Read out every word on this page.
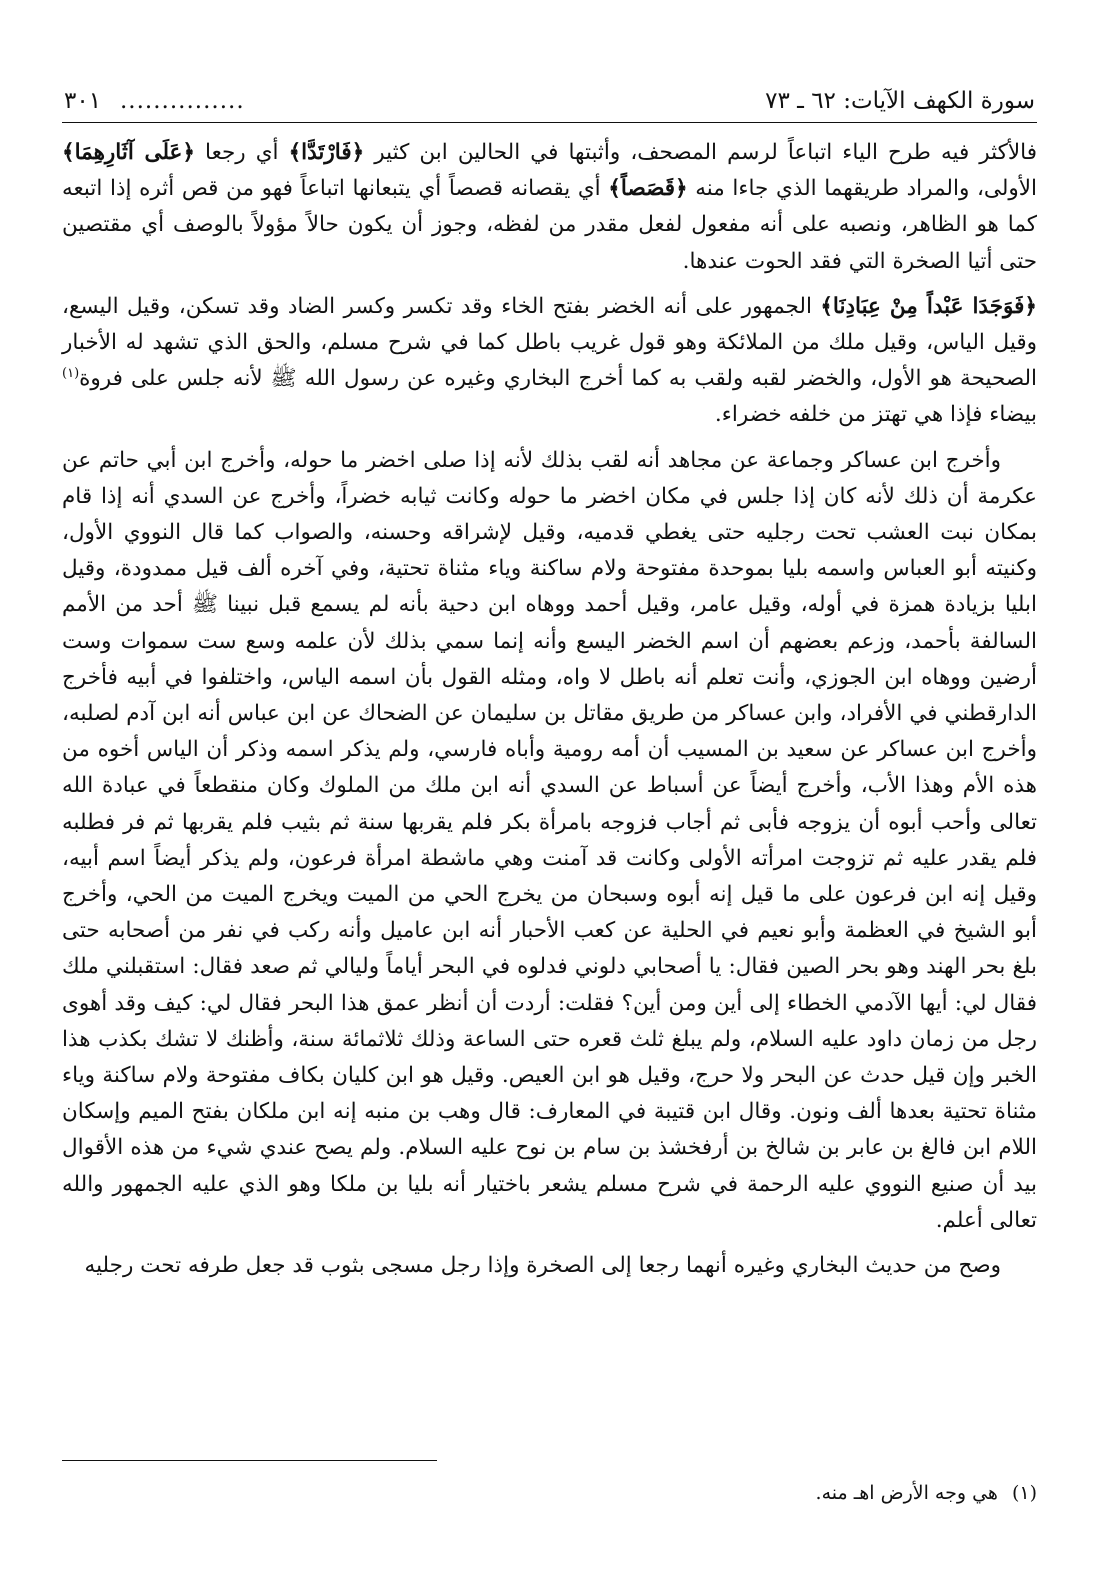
سورة الكهف الآيات: ٦٢ ـ ٧٣
...............
٣٠١

فالأكثر فيه طرح الياء اتباعاً لرسم المصحف، وأثبتها في الحالين ابن كثير ﴿فَارْتَدَّا﴾ أي رجعا ﴿عَلَى آثَارِهِمَا﴾ الأولى، والمراد طريقهما الذي جاءا منه ﴿قَصَصاً﴾ أي يقصانه قصصاً أي يتبعانها اتباعاً فهو من قص أثره إذا اتبعه كما هو الظاهر، ونصبه على أنه مفعول لفعل مقدر من لفظه، وجوز أن يكون حالاً مؤولاً بالوصف أي مقتصين حتى أتيا الصخرة التي فقد الحوت عندها.

﴿فَوَجَدَا عَبْداً مِنْ عِبَادِنَا﴾ الجمهور على أنه الخضر بفتح الخاء وقد تكسر وكسر الضاد وقد تسكن، وقيل اليسع، وقيل الياس، وقيل ملك من الملائكة وهو قول غريب باطل كما في شرح مسلم، والحق الذي تشهد له الأخبار الصحيحة هو الأول، والخضر لقبه ولقب به كما أخرج البخاري وغيره عن رسول الله ﷺ لأنه جلس على فروة$^{(١)}$ بيضاء فإذا هي تهتز من خلفه خضراء.

وأخرج ابن عساكر وجماعة عن مجاهد أنه لقب بذلك لأنه إذا صلى اخضر ما حوله، وأخرج ابن أبي حاتم عن عكرمة أن ذلك لأنه كان إذا جلس في مكان اخضر ما حوله وكانت ثيابه خضراً، وأخرج عن السدي أنه إذا قام بمكان نبت العشب تحت رجليه حتى يغطي قدميه، وقيل لإشراقه وحسنه، والصواب كما قال النووي الأول، وكنيته أبو العباس واسمه بليا بموحدة مفتوحة ولام ساكنة وياء مثناة تحتية، وفي آخره ألف قيل ممدودة، وقيل ابليا بزيادة همزة في أوله، وقيل عامر، وقيل أحمد ووهاه ابن دحية بأنه لم يسمع قبل نبينا ﷺ أحد من الأمم السالفة بأحمد، وزعم بعضهم أن اسم الخضر اليسع وأنه إنما سمي بذلك لأن علمه وسع ست سموات وست أرضين ووهاه ابن الجوزي، وأنت تعلم أنه باطل لا واه، ومثله القول بأن اسمه الياس، واختلفوا في أبيه فأخرج الدارقطني في الأفراد، وابن عساكر من طريق مقاتل بن سليمان عن الضحاك عن ابن عباس أنه ابن آدم لصلبه، وأخرج ابن عساكر عن سعيد بن المسيب أن أمه رومية وأباه فارسي، ولم يذكر اسمه وذكر أن الياس أخوه من هذه الأم وهذا الأب، وأخرج أيضاً عن أسباط عن السدي أنه ابن ملك من الملوك وكان منقطعاً في عبادة الله تعالى وأحب أبوه أن يزوجه فأبى ثم أجاب فزوجه بامرأة بكر فلم يقربها سنة ثم بثيب فلم يقربها ثم فر فطلبه فلم يقدر عليه ثم تزوجت امرأته الأولى وكانت قد آمنت وهي ماشطة امرأة فرعون، ولم يذكر أيضاً اسم أبيه، وقيل إنه ابن فرعون على ما قيل إنه أبوه وسبحان من يخرج الحي من الميت ويخرج الميت من الحي، وأخرج أبو الشيخ في العظمة وأبو نعيم في الحلية عن كعب الأحبار أنه ابن عاميل وأنه ركب في نفر من أصحابه حتى بلغ بحر الهند وهو بحر الصين فقال: يا أصحابي دلوني فدلوه في البحر أياماً وليالي ثم صعد فقال: استقبلني ملك فقال لي: أيها الآدمي الخطاء إلى أين ومن أين؟ فقلت: أردت أن أنظر عمق هذا البحر فقال لي: كيف وقد أهوى رجل من زمان داود عليه السلام، ولم يبلغ ثلث قعره حتى الساعة وذلك ثلاثمائة سنة، وأظنك لا تشك بكذب هذا الخبر وإن قيل حدث عن البحر ولا حرج، وقيل هو ابن العيص. وقيل هو ابن كليان بكاف مفتوحة ولام ساكنة وياء مثناة تحتية بعدها ألف ونون. وقال ابن قتيبة في المعارف: قال وهب بن منبه إنه ابن ملكان بفتح الميم وإسكان اللام ابن فالغ بن عابر بن شالخ بن أرفخشذ بن سام بن نوح عليه السلام. ولم يصح عندي شيء من هذه الأقوال بيد أن صنيع النووي عليه الرحمة في شرح مسلم يشعر باختيار أنه بليا بن ملكا وهو الذي عليه الجمهور والله تعالى أعلم.

وصح من حديث البخاري وغيره أنهما رجعا إلى الصخرة وإذا رجل مسجى بثوب قد جعل طرفه تحت رجليه

(١)هي وجه الأرض اهـ منه.
